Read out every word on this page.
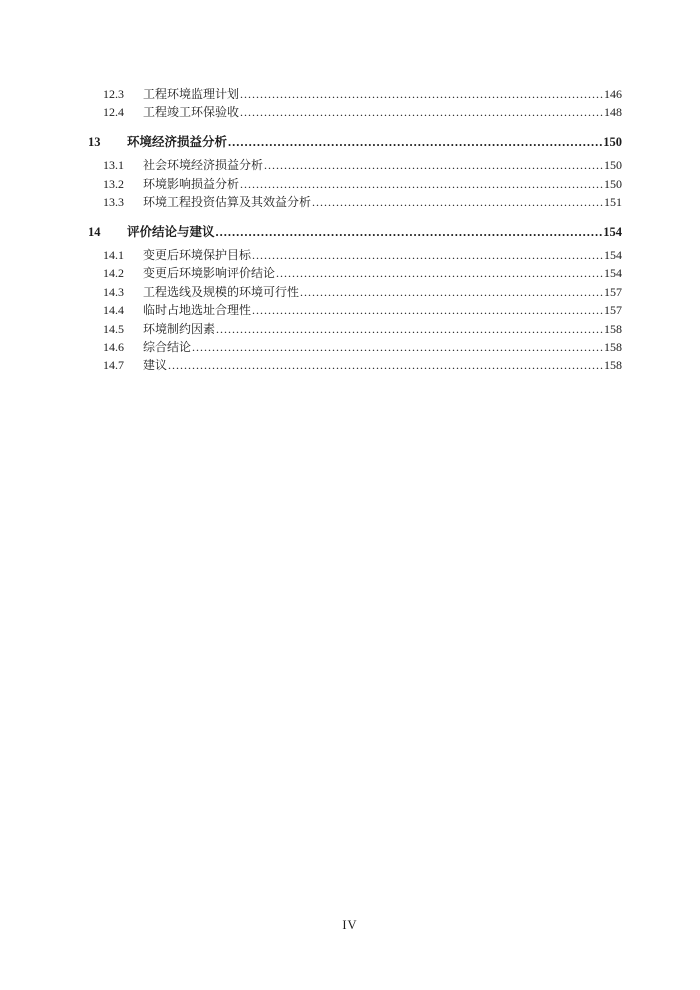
12.3	工程环境监理计划 .....	146
12.4	工程竣工环保验收 .....	148
13	环境经济损益分析 .....	150
13.1	社会环境经济损益分析 .....	150
13.2	环境影响损益分析 .....	150
13.3	环境工程投资估算及其效益分析 .....	151
14	评价结论与建议 .....	154
14.1	变更后环境保护目标 .....	154
14.2	变更后环境影响评价结论 .....	154
14.3	工程选线及规模的环境可行性 .....	157
14.4	临时占地选址合理性 .....	157
14.5	环境制约因素 .....	158
14.6	综合结论 .....	158
14.7	建议 .....	158
IV
